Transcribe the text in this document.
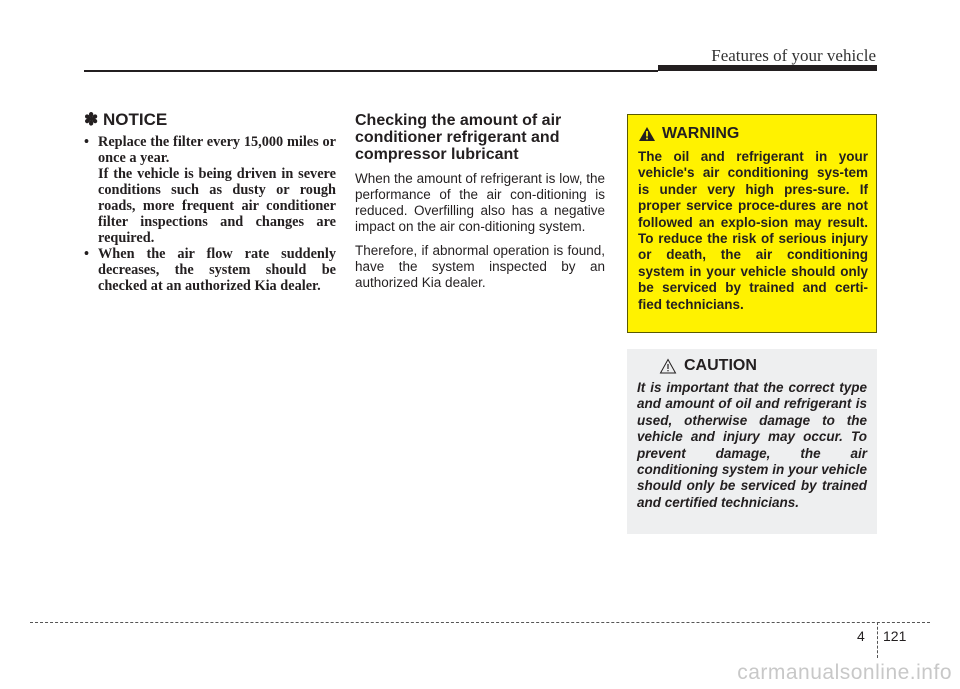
Features of your vehicle
✽ NOTICE
• Replace the filter every 15,000 miles or once a year.
If the vehicle is being driven in severe conditions such as dusty or rough roads, more frequent air conditioner filter inspections and changes are required.
• When the air flow rate suddenly decreases, the system should be checked at an authorized Kia dealer.
Checking the amount of air conditioner refrigerant and compressor lubricant

When the amount of refrigerant is low, the performance of the air con-ditioning is reduced. Overfilling also has a negative impact on the air con-ditioning system.

Therefore, if abnormal operation is found, have the system inspected by an authorized Kia dealer.

WARNING
The oil and refrigerant in your vehicle's air conditioning sys-tem is under very high pres-sure. If proper service proce-dures are not followed an explo-sion may result. To reduce the risk of serious injury or death, the air conditioning system in your vehicle should only be serviced by trained and certi-fied technicians.
CAUTION
It is important that the correct type and amount of oil and refrigerant is used, otherwise damage to the vehicle and injury may occur. To prevent damage, the air conditioning system in your vehicle should only be serviced by trained and certified technicians.
4 121
carmanualsonline.info
